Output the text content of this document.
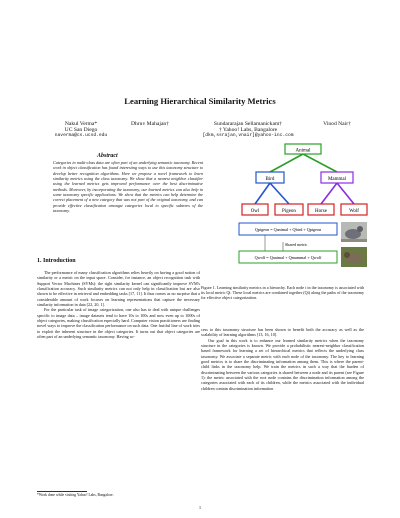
Learning Hierarchical Similarity Metrics
Nakul Verma*
UC San Diego
naverma@cs.ucsd.edu
Dhruv Mahajan†	Sundararajan Sellamanickam†
† Yahoo! Labs, Bangalore
[dkm,ssrajan,vnair]@yahoo-inc.com
Vinod Nair†
Abstract
Categories in multi-class data are often part of an underlying semantic taxonomy. Recent work in object classification has found interesting ways to use this taxonomy structure to develop better recognition algorithms. Here we propose a novel framework to learn similarity metrics using the class taxonomy. We show that a nearest neighbor classifier using the learned metrics gets improved performance over the best discriminative methods. Moreover, by incorporating the taxonomy, our learned metrics can also help in some taxonomy specific applications. We show that the metrics can help determine the correct placement of a new category that was not part of the original taxonomy, and can provide effective classification amongst categories local to specific subtrees of the taxonomy.
1. Introduction

The performance of many classification algorithms relies heavily on having a good notion of similarity or a metric on the input space. Consider, for instance, an object recognition task with Support Vector Machines (SVMs): the right similarity kernel can significantly improve SVM's classification accuracy. Such similarity metrics can not only help in classification but are also shown to be effective in retrieval and embedding tasks [17, 11]. It thus comes as no surprise that a considerable amount of work focuses on learning representations that capture the necessary similarity information in data [22, 20, 1].

For the particular task of image categorization, one also has to deal with unique challenges specific to image data – image datasets tend to have 10s to 100s and now even up to 1000s of object categories, making classification especially hard. Computer vision practitioners are finding novel ways to improve the classification performance on such data. One fruitful line of work tries to exploit the inherent structure in the object categories. It turns out that object categories are often part of an underlying semantic taxonomy. Having ac-

*Work done while visiting Yahoo! Labs, Bangalore.
Animal
Bird	Mammal
Owl	Pigeon	Horse	Wolf
Qpigeon = Qanimal + Qbird + Qpigeon
Shared metric
Qwolf = Qanimal + Qmammal + Qwolf
Figure 1. Learning similarity metrics in a hierarchy. Each node t in the taxonomy is associated with its local metric Qt. These local metrics are combined together (Qt) along the paths of the taxonomy for effective object categorization.

cess to this taxonomy structure has been shown to benefit both the accuracy as well as the scalability of learning algorithms [13, 16, 10].

Our goal in this work is to enhance our learned similarity metrics when the taxonomy structure in the categories is known. We provide a probabilistic nearest-neighbor classification based framework for learning a set of hierarchical metrics that reflects the underlying class taxonomy. We associate a separate metric with each node of the taxonomy. The key to learning good metrics is to share the discriminating information among them. This is where the parent-child links in the taxonomy help. We train the metrics in such a way that the burden of discriminating between the various categories is shared between a node and its parent (see Figure 1): the metric associated with the root node contains the discrimination information among the categories associated with each of its children, while the metrics associated with the individual children contain discrimination information

1
